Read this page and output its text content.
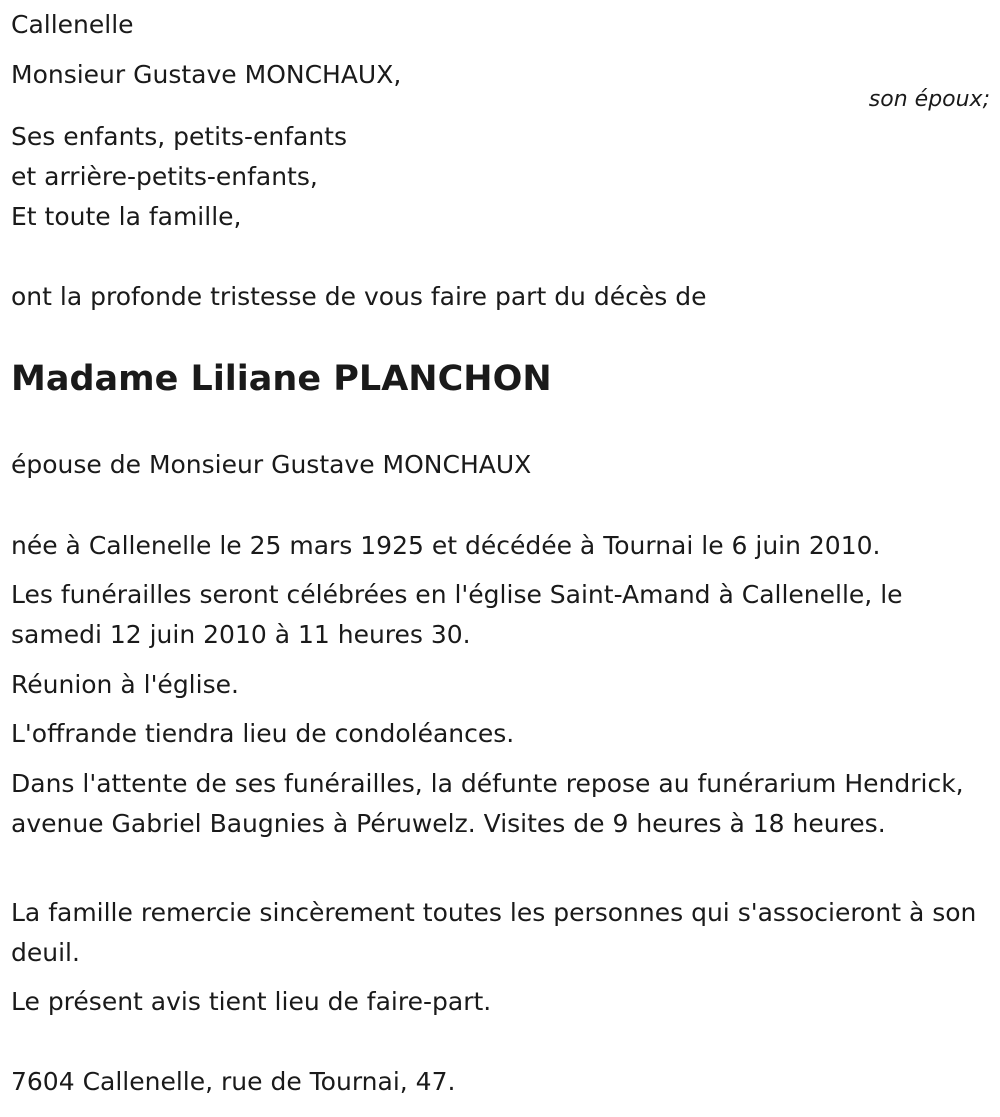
Callenelle

Monsieur Gustave MONCHAUX,

son époux;

Ses enfants, petits-enfants

et arrière-petits-enfants,

Et toute la famille,

ont la profonde tristesse de vous faire part du décès de

Madame Liliane PLANCHON

épouse de Monsieur Gustave MONCHAUX

née à Callenelle le 25 mars 1925 et décédée à Tournai le 6 juin 2010.

Les funérailles seront célébrées en l'église Saint-Amand à Callenelle, le samedi 12 juin 2010 à 11 heures 30.

Réunion à l'église.

L'offrande tiendra lieu de condoléances.

Dans l'attente de ses funérailles, la défunte repose au funérarium Hendrick, avenue Gabriel Baugnies à Péruwelz. Visites de 9 heures à 18 heures.

La famille remercie sincèrement toutes les personnes qui s'associeront à son deuil.

Le présent avis tient lieu de faire-part.

7604 Callenelle, rue de Tournai, 47.
